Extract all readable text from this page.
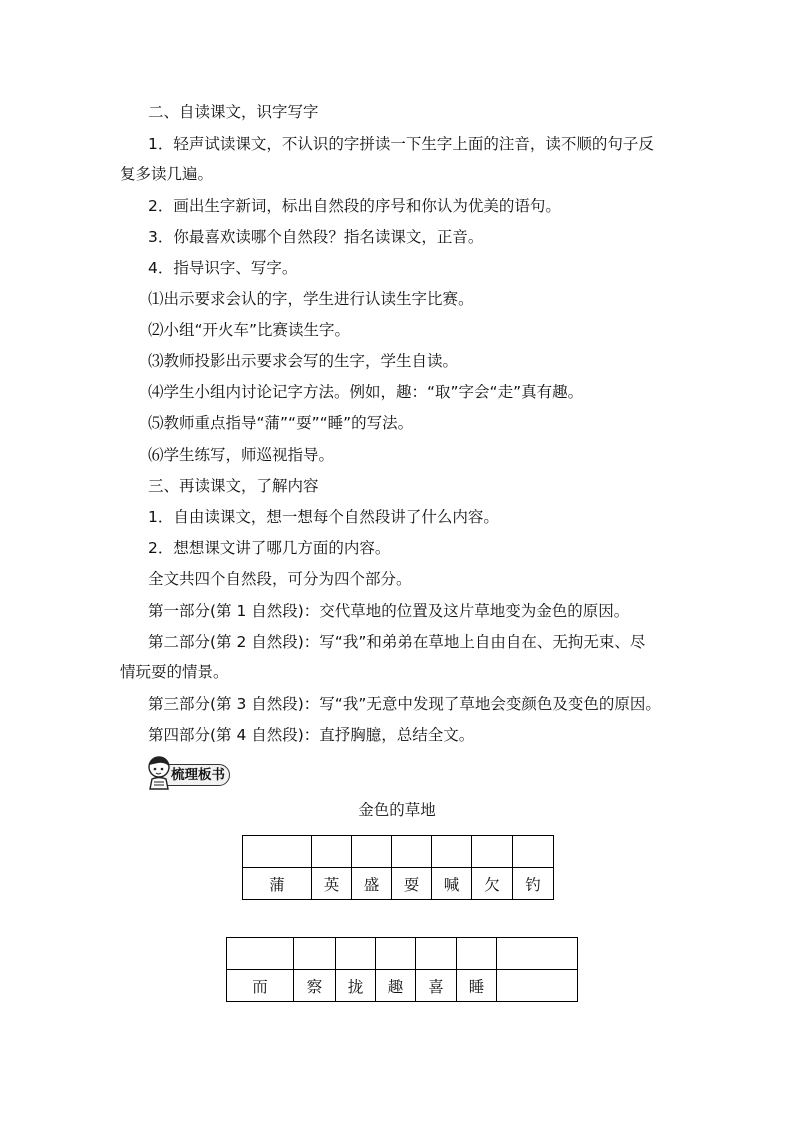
二、自读课文，识字写字
1．轻声试读课文，不认识的字拼读一下生字上面的注音，读不顺的句子反
复多读几遍。
2．画出生字新词，标出自然段的序号和你认为优美的语句。
3．你最喜欢读哪个自然段？指名读课文，正音。
4．指导识字、写字。
⑴出示要求会认的字，学生进行认读生字比赛。
⑵小组“开火车”比赛读生字。
⑶教师投影出示要求会写的生字，学生自读。
⑷学生小组内讨论记字方法。例如，趣：“取”字会“走”真有趣。
⑸教师重点指导“蒲”“耍”“睡”的写法。
⑹学生练写，师巡视指导。
三、再读课文，了解内容
1．自由读课文，想一想每个自然段讲了什么内容。
2．想想课文讲了哪几方面的内容。
全文共四个自然段，可分为四个部分。
第一部分(第 1 自然段)：交代草地的位置及这片草地变为金色的原因。
第二部分(第 2 自然段)：写“我”和弟弟在草地上自由自在、无拘无束、尽
情玩耍的情景。
第三部分(第 3 自然段)：写“我”无意中发现了草地会变颜色及变色的原因。
第四部分(第 4 自然段)：直抒胸臆，总结全文。
梳理板书
金色的草地

蒲	英	盛	耍	喊	欠	钓

而	察	拢	趣	喜	睡	
